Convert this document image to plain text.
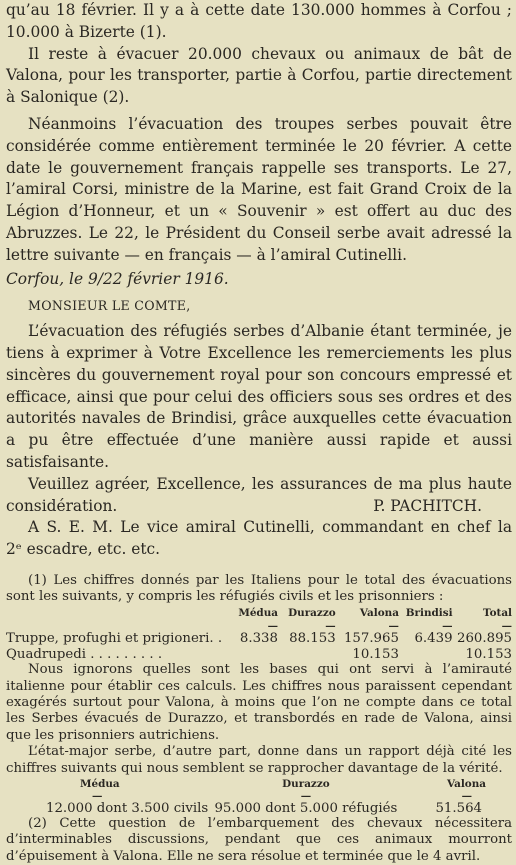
qu’au 18 février. Il y a à cette date 130.000 hommes à Corfou ; 10.000 à Bizerte (1).

Il reste à évacuer 20.000 chevaux ou animaux de bât de Valona, pour les transporter, partie à Corfou, partie directement à Salonique (2).

Néanmoins l’évacuation des troupes serbes pouvait être considérée comme entièrement terminée le 20 février. A cette date le gouvernement français rappelle ses transports. Le 27, l’amiral Corsi, ministre de la Marine, est fait Grand Croix de la Légion d’Honneur, et un « Souvenir » est offert au duc des Abruzzes. Le 22, le Président du Conseil serbe avait adressé la lettre suivante — en français — à l’amiral Cutinelli.

Corfou, le 9/22 février 1916.

MONSIEUR LE COMTE,

L’évacuation des réfugiés serbes d’Albanie étant terminée, je tiens à exprimer à Votre Excellence les remerciements les plus sincères du gouvernement royal pour son concours empressé et efficace, ainsi que pour celui des officiers sous ses ordres et des autorités navales de Brindisi, grâce auxquelles cette évacuation a pu être effectuée d’une manière aussi rapide et aussi satisfaisante.

Veuillez agréer, Excellence, les assurances de ma plus haute

considération.	P. PACHITCH.

A S. E. M. Le vice amiral Cutinelli, commandant en chef la

2ᵉ escadre, etc. etc.

(1) Les chiffres donnés par les Italiens pour le total des évacuations sont les suivants, y compris les réfugiés civils et les prisonniers :

	Médua	Durazzo	Valona	Brindisi	Total
	—	—	—	—	—
Truppe, profughi et prigioneri. .	8.338	88.153	157.965	6.439	260.895
Quadrupedi . . . . . . . . .			10.153		10.153

Nous ignorons quelles sont les bases qui ont servi à l’amirauté italienne pour établir ces calculs. Les chiffres nous paraissent cependant exagérés surtout pour Valona, à moins que l’on ne compte dans ce total les Serbes évacués de Durazzo, et transbordés en rade de Valona, ainsi que les prisonniers autrichiens.

L’état-major serbe, d’autre part, donne dans un rapport déjà cité les chiffres suivants qui nous semblent se rapprocher davantage de la vérité.

Médua	Durazzo	Valona
—	—	—
12.000 dont 3.500 civils	95.000 dont 5.000 réfugiés	51.564

(2) Cette question de l’embarquement des chevaux nécessitera d’interminables discussions, pendant que ces animaux mourront d’épuisement à Valona. Elle ne sera résolue et terminée que le 4 avril.
